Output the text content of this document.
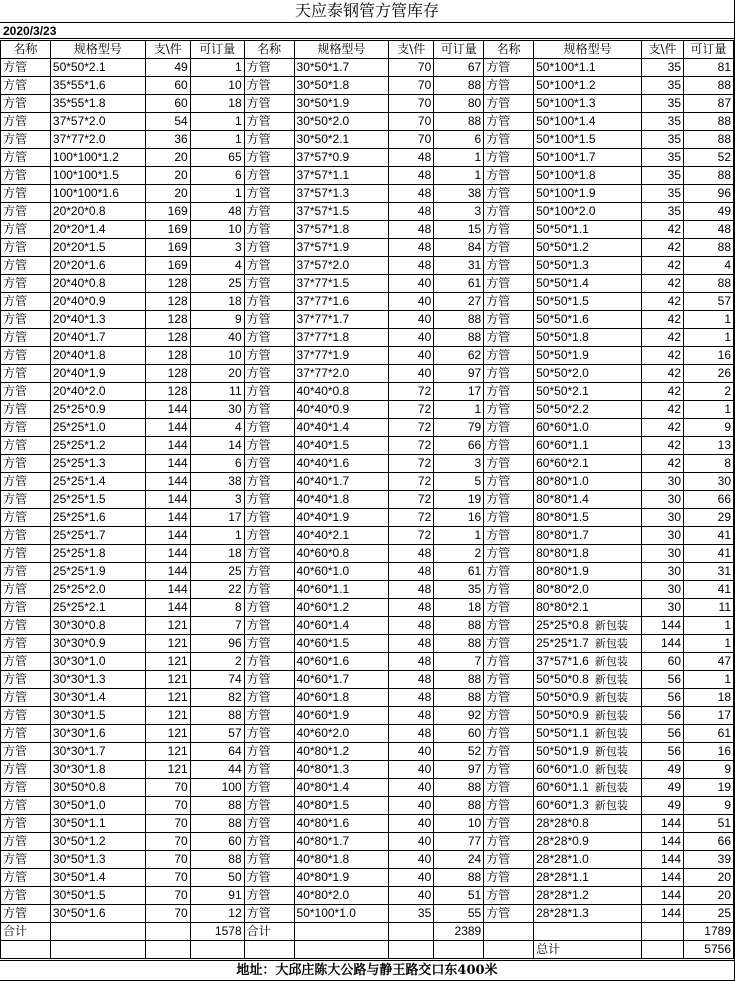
天应泰钢管方管库存
2020/3/23
名称	规格型号	支\件	可订量	名称	规格型号	支\件	可订量	名称	规格型号	支\件	可订量
方管	50*50*2.1	49	1	方管	30*50*1.7	70	67	方管	50*100*1.1	35	81
方管	35*55*1.6	60	10	方管	30*50*1.8	70	88	方管	50*100*1.2	35	88
方管	35*55*1.8	60	18	方管	30*50*1.9	70	80	方管	50*100*1.3	35	87
方管	37*57*2.0	54	1	方管	30*50*2.0	70	88	方管	50*100*1.4	35	88
方管	37*77*2.0	36	1	方管	30*50*2.1	70	6	方管	50*100*1.5	35	88
方管	100*100*1.2	20	65	方管	37*57*0.9	48	1	方管	50*100*1.7	35	52
方管	100*100*1.5	20	6	方管	37*57*1.1	48	1	方管	50*100*1.8	35	88
方管	100*100*1.6	20	1	方管	37*57*1.3	48	38	方管	50*100*1.9	35	96
方管	20*20*0.8	169	48	方管	37*57*1.5	48	3	方管	50*100*2.0	35	49
方管	20*20*1.4	169	10	方管	37*57*1.8	48	15	方管	50*50*1.1	42	48
方管	20*20*1.5	169	3	方管	37*57*1.9	48	84	方管	50*50*1.2	42	88
方管	20*20*1.6	169	4	方管	37*57*2.0	48	31	方管	50*50*1.3	42	4
方管	20*40*0.8	128	25	方管	37*77*1.5	40	61	方管	50*50*1.4	42	88
方管	20*40*0.9	128	18	方管	37*77*1.6	40	27	方管	50*50*1.5	42	57
方管	20*40*1.3	128	9	方管	37*77*1.7	40	88	方管	50*50*1.6	42	1
方管	20*40*1.7	128	40	方管	37*77*1.8	40	88	方管	50*50*1.8	42	1
方管	20*40*1.8	128	10	方管	37*77*1.9	40	62	方管	50*50*1.9	42	16
方管	20*40*1.9	128	20	方管	37*77*2.0	40	97	方管	50*50*2.0	42	26
方管	20*40*2.0	128	11	方管	40*40*0.8	72	17	方管	50*50*2.1	42	2
方管	25*25*0.9	144	30	方管	40*40*0.9	72	1	方管	50*50*2.2	42	1
方管	25*25*1.0	144	4	方管	40*40*1.4	72	79	方管	60*60*1.0	42	9
方管	25*25*1.2	144	14	方管	40*40*1.5	72	66	方管	60*60*1.1	42	13
方管	25*25*1.3	144	6	方管	40*40*1.6	72	3	方管	60*60*2.1	42	8
方管	25*25*1.4	144	38	方管	40*40*1.7	72	5	方管	80*80*1.0	30	30
方管	25*25*1.5	144	3	方管	40*40*1.8	72	19	方管	80*80*1.4	30	66
方管	25*25*1.6	144	17	方管	40*40*1.9	72	16	方管	80*80*1.5	30	29
方管	25*25*1.7	144	1	方管	40*40*2.1	72	1	方管	80*80*1.7	30	41
方管	25*25*1.8	144	18	方管	40*60*0.8	48	2	方管	80*80*1.8	30	41
方管	25*25*1.9	144	25	方管	40*60*1.0	48	61	方管	80*80*1.9	30	31
方管	25*25*2.0	144	22	方管	40*60*1.1	48	35	方管	80*80*2.0	30	41
方管	25*25*2.1	144	8	方管	40*60*1.2	48	18	方管	80*80*2.1	30	11
方管	30*30*0.8	121	7	方管	40*60*1.4	48	88	方管	25*25*0.8 新包装	144	1
方管	30*30*0.9	121	96	方管	40*60*1.5	48	88	方管	25*25*1.7 新包装	144	1
方管	30*30*1.0	121	2	方管	40*60*1.6	48	7	方管	37*57*1.6 新包装	60	47
方管	30*30*1.3	121	74	方管	40*60*1.7	48	88	方管	50*50*0.8 新包装	56	1
方管	30*30*1.4	121	82	方管	40*60*1.8	48	88	方管	50*50*0.9 新包装	56	18
方管	30*30*1.5	121	88	方管	40*60*1.9	48	92	方管	50*50*0.9 新包装	56	17
方管	30*30*1.6	121	57	方管	40*60*2.0	48	60	方管	50*50*1.1 新包装	56	61
方管	30*30*1.7	121	64	方管	40*80*1.2	40	52	方管	50*50*1.9 新包装	56	16
方管	30*30*1.8	121	44	方管	40*80*1.3	40	97	方管	60*60*1.0 新包装	49	9
方管	30*50*0.8	70	100	方管	40*80*1.4	40	88	方管	60*60*1.1 新包装	49	19
方管	30*50*1.0	70	88	方管	40*80*1.5	40	88	方管	60*60*1.3 新包装	49	9
方管	30*50*1.1	70	88	方管	40*80*1.6	40	10	方管	28*28*0.8	144	51
方管	30*50*1.2	70	60	方管	40*80*1.7	40	77	方管	28*28*0.9	144	66
方管	30*50*1.3	70	88	方管	40*80*1.8	40	24	方管	28*28*1.0	144	39
方管	30*50*1.4	70	50	方管	40*80*1.9	40	88	方管	28*28*1.1	144	20
方管	30*50*1.5	70	91	方管	40*80*2.0	40	51	方管	28*28*1.2	144	20
方管	30*50*1.6	70	12	方管	50*100*1.0	35	55	方管	28*28*1.3	144	25
合计			1578	合计			2389				1789
									总计		5756
地址：大邱庄陈大公路与静王路交口东400米
